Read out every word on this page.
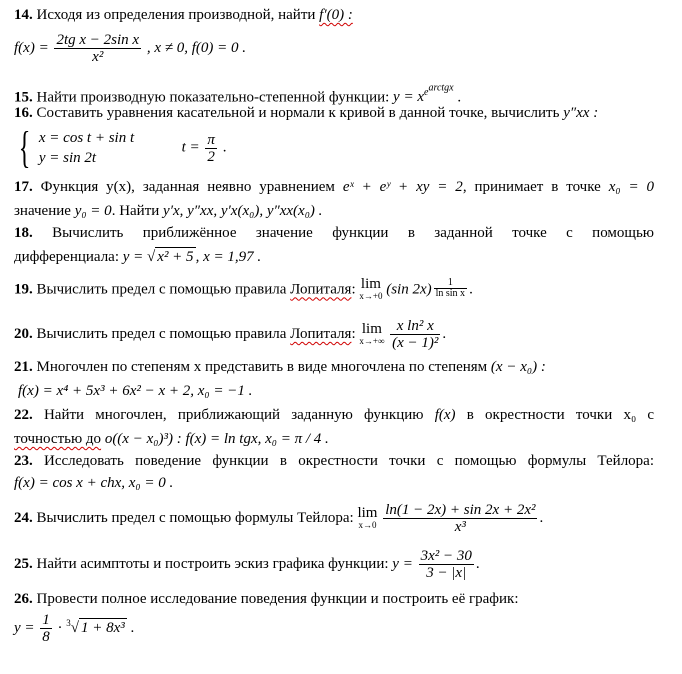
14. Исходя из определения производной, найти f′(0) :
$f(x) = \frac{\text{2tg x − 2sin x}}{\text{x²}}$ , x ≠ 0, f(0) = 0 .
15. Найти производную показательно-степенной функции: $y = x^{e^{arctgx}}$ .
16. Составить уравнения касательной и нормали к кривой в данной точке, вычислить y″xx :
{ x = cos t + sin t
y = sin 2t
$t = \frac{\pi}{2}$ .
17. Функция y(x), заданная неявно уравнением eˣ + eʸ + xy = 2, принимает в точке x₀ = 0
значение y₀ = 0. Найти y′x, y″xx, y′x(x₀), y″xx(x₀) .
18. Вычислить приближённое значение функции в заданной точке с помощью
дифференциала: y = √ x² + 5 , x = 1,97 .
19. Вычислить предел с помощью правила Лопиталя: lim
x→+0 (sin $2x) \frac{1}{\text{ln sin x}}$ .
20. Вычислить предел с помощью правила Лопиталя: lim
x→+∞
$\frac{\text{x ln² x}}{\text{(x − 1)²}}$ .
21. Многочлен по степеням x представить в виде многочлена по степеням (x − x₀) :
f(x) = x⁴ + 5x³ + 6x² − x + 2, x₀ = −1 .
22. Найти многочлен, приближающий заданную функцию f(x) в окрестности точки x₀ с
точностью до o((x − x₀)³) : f(x) = ln tgx, x₀ = π / 4 .
23. Исследовать поведение функции в окрестности точки с помощью формулы Тейлора:
f(x) = cos x + chx, x₀ = 0 .
24. Вычислить предел с помощью формулы Тейлора: lim
x→0
$\frac{\text{ln(1 − 2x) + sin 2x + 2x²}}{\text{x³}}$ .
25. Найти асимптоты и построить эскиз графика функции: $y = \frac{\text{3x² − 30}}{3 - |x|}$ .
26. Провести полное исследование поведения функции и построить её график:
$y = \frac{1}{8} \cdot ^3√$ 1 + 8x³ .
